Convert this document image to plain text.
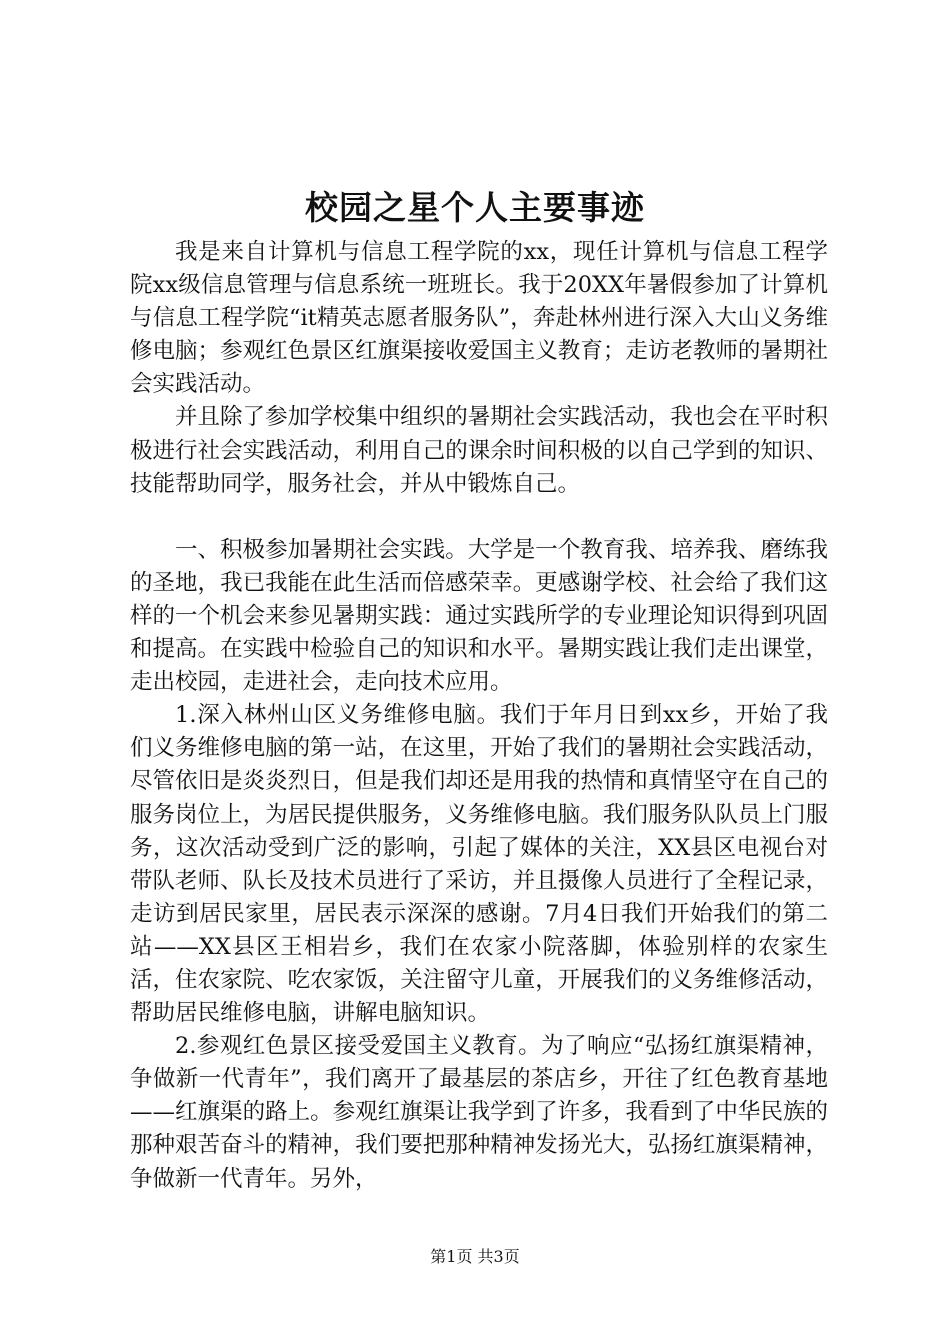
校园之星个人主要事迹

我是来自计算机与信息工程学院的xx，现任计算机与信息工程学院xx级信息管理与信息系统一班班长。我于20XX年暑假参加了计算机与信息工程学院“it精英志愿者服务队”，奔赴林州进行深入大山义务维修电脑；参观红色景区红旗渠接收爱国主义教育；走访老教师的暑期社会实践活动。

并且除了参加学校集中组织的暑期社会实践活动，我也会在平时积极进行社会实践活动，利用自己的课余时间积极的以自己学到的知识、技能帮助同学，服务社会，并从中锻炼自己。

一、积极参加暑期社会实践。大学是一个教育我、培养我、磨练我的圣地，我已我能在此生活而倍感荣幸。更感谢学校、社会给了我们这样的一个机会来参见暑期实践：通过实践所学的专业理论知识得到巩固和提高。在实践中检验自己的知识和水平。暑期实践让我们走出课堂，走出校园，走进社会，走向技术应用。

1.深入林州山区义务维修电脑。我们于年月日到xx乡，开始了我们义务维修电脑的第一站，在这里，开始了我们的暑期社会实践活动，尽管依旧是炎炎烈日，但是我们却还是用我的热情和真情坚守在自己的服务岗位上，为居民提供服务，义务维修电脑。我们服务队队员上门服务，这次活动受到广泛的影响，引起了媒体的关注，XX县区电视台对带队老师、队长及技术员进行了采访，并且摄像人员进行了全程记录，走访到居民家里，居民表示深深的感谢。7月4日我们开始我们的第二站——XX县区王相岩乡，我们在农家小院落脚，体验别样的农家生活，住农家院、吃农家饭，关注留守儿童，开展我们的义务维修活动，帮助居民维修电脑，讲解电脑知识。

2.参观红色景区接受爱国主义教育。为了响应“弘扬红旗渠精神，争做新一代青年”，我们离开了最基层的茶店乡，开往了红色教育基地——红旗渠的路上。参观红旗渠让我学到了许多，我看到了中华民族的那种艰苦奋斗的精神，我们要把那种精神发扬光大，弘扬红旗渠精神，争做新一代青年。另外，

第1页 共3页
